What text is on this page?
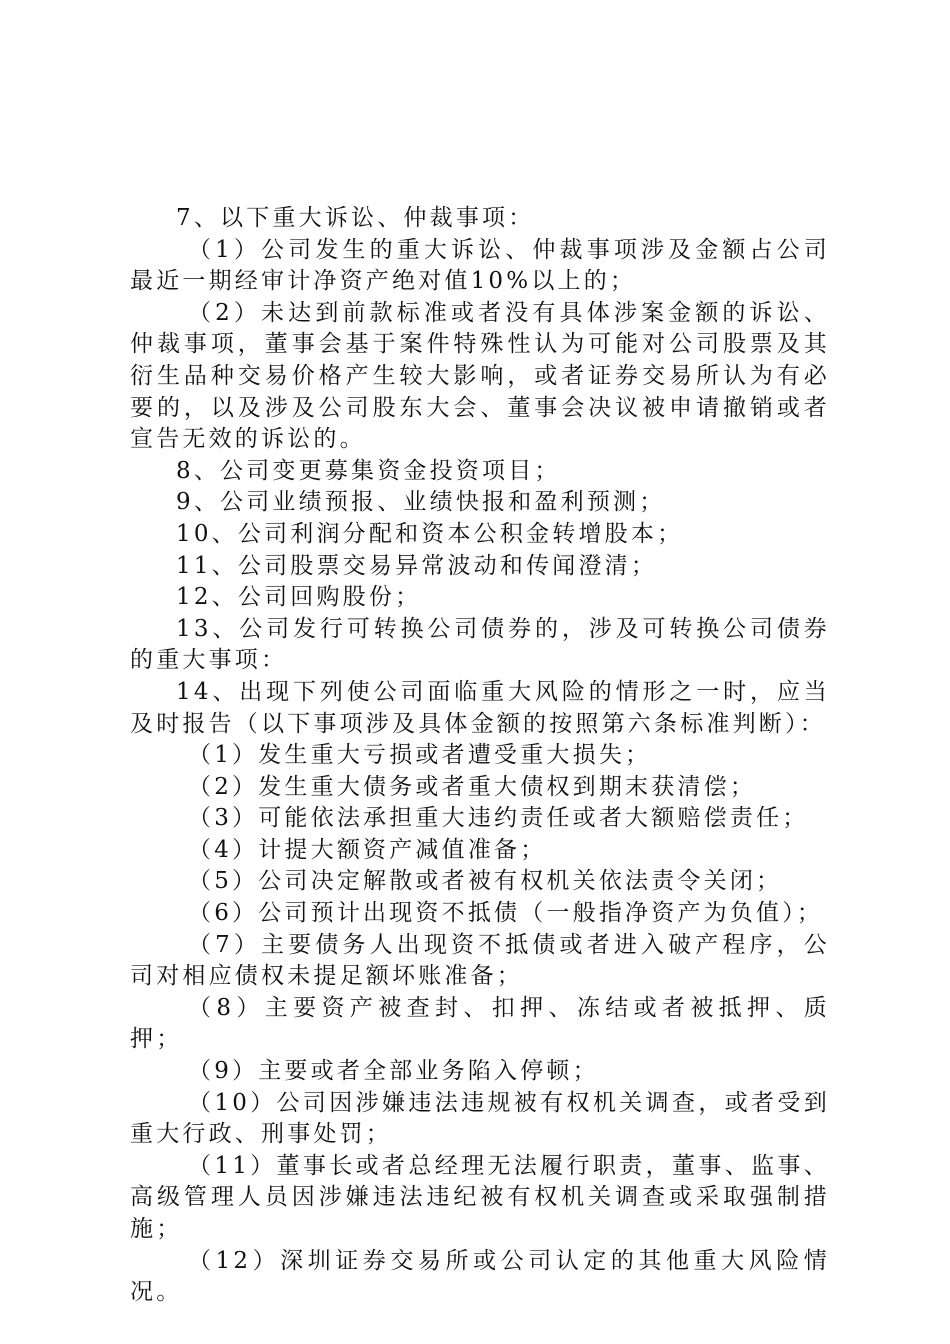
7、以下重大诉讼、仲裁事项：

（1）公司发生的重大诉讼、仲裁事项涉及金额占公司最近一期经审计净资产绝对值10%以上的；

（2）未达到前款标准或者没有具体涉案金额的诉讼、仲裁事项，董事会基于案件特殊性认为可能对公司股票及其衍生品种交易价格产生较大影响，或者证券交易所认为有必要的，以及涉及公司股东大会、董事会决议被申请撤销或者宣告无效的诉讼的。

8、公司变更募集资金投资项目；

9、公司业绩预报、业绩快报和盈利预测；

10、公司利润分配和资本公积金转增股本；

11、公司股票交易异常波动和传闻澄清；

12、公司回购股份；

13、公司发行可转换公司债券的，涉及可转换公司债券的重大事项：

14、出现下列使公司面临重大风险的情形之一时，应当及时报告（以下事项涉及具体金额的按照第六条标准判断）：

（1）发生重大亏损或者遭受重大损失；

（2）发生重大债务或者重大债权到期末获清偿；

（3）可能依法承担重大违约责任或者大额赔偿责任；

（4）计提大额资产减值准备；

（5）公司决定解散或者被有权机关依法责令关闭；

（6）公司预计出现资不抵债（一般指净资产为负值）；

（7）主要债务人出现资不抵债或者进入破产程序，公司对相应债权未提足额坏账准备；

（8）主要资产被查封、扣押、冻结或者被抵押、质押；

（9）主要或者全部业务陷入停顿；

（10）公司因涉嫌违法违规被有权机关调查，或者受到重大行政、刑事处罚；

（11）董事长或者总经理无法履行职责，董事、监事、高级管理人员因涉嫌违法违纪被有权机关调查或采取强制措施；

（12）深圳证券交易所或公司认定的其他重大风险情况。
